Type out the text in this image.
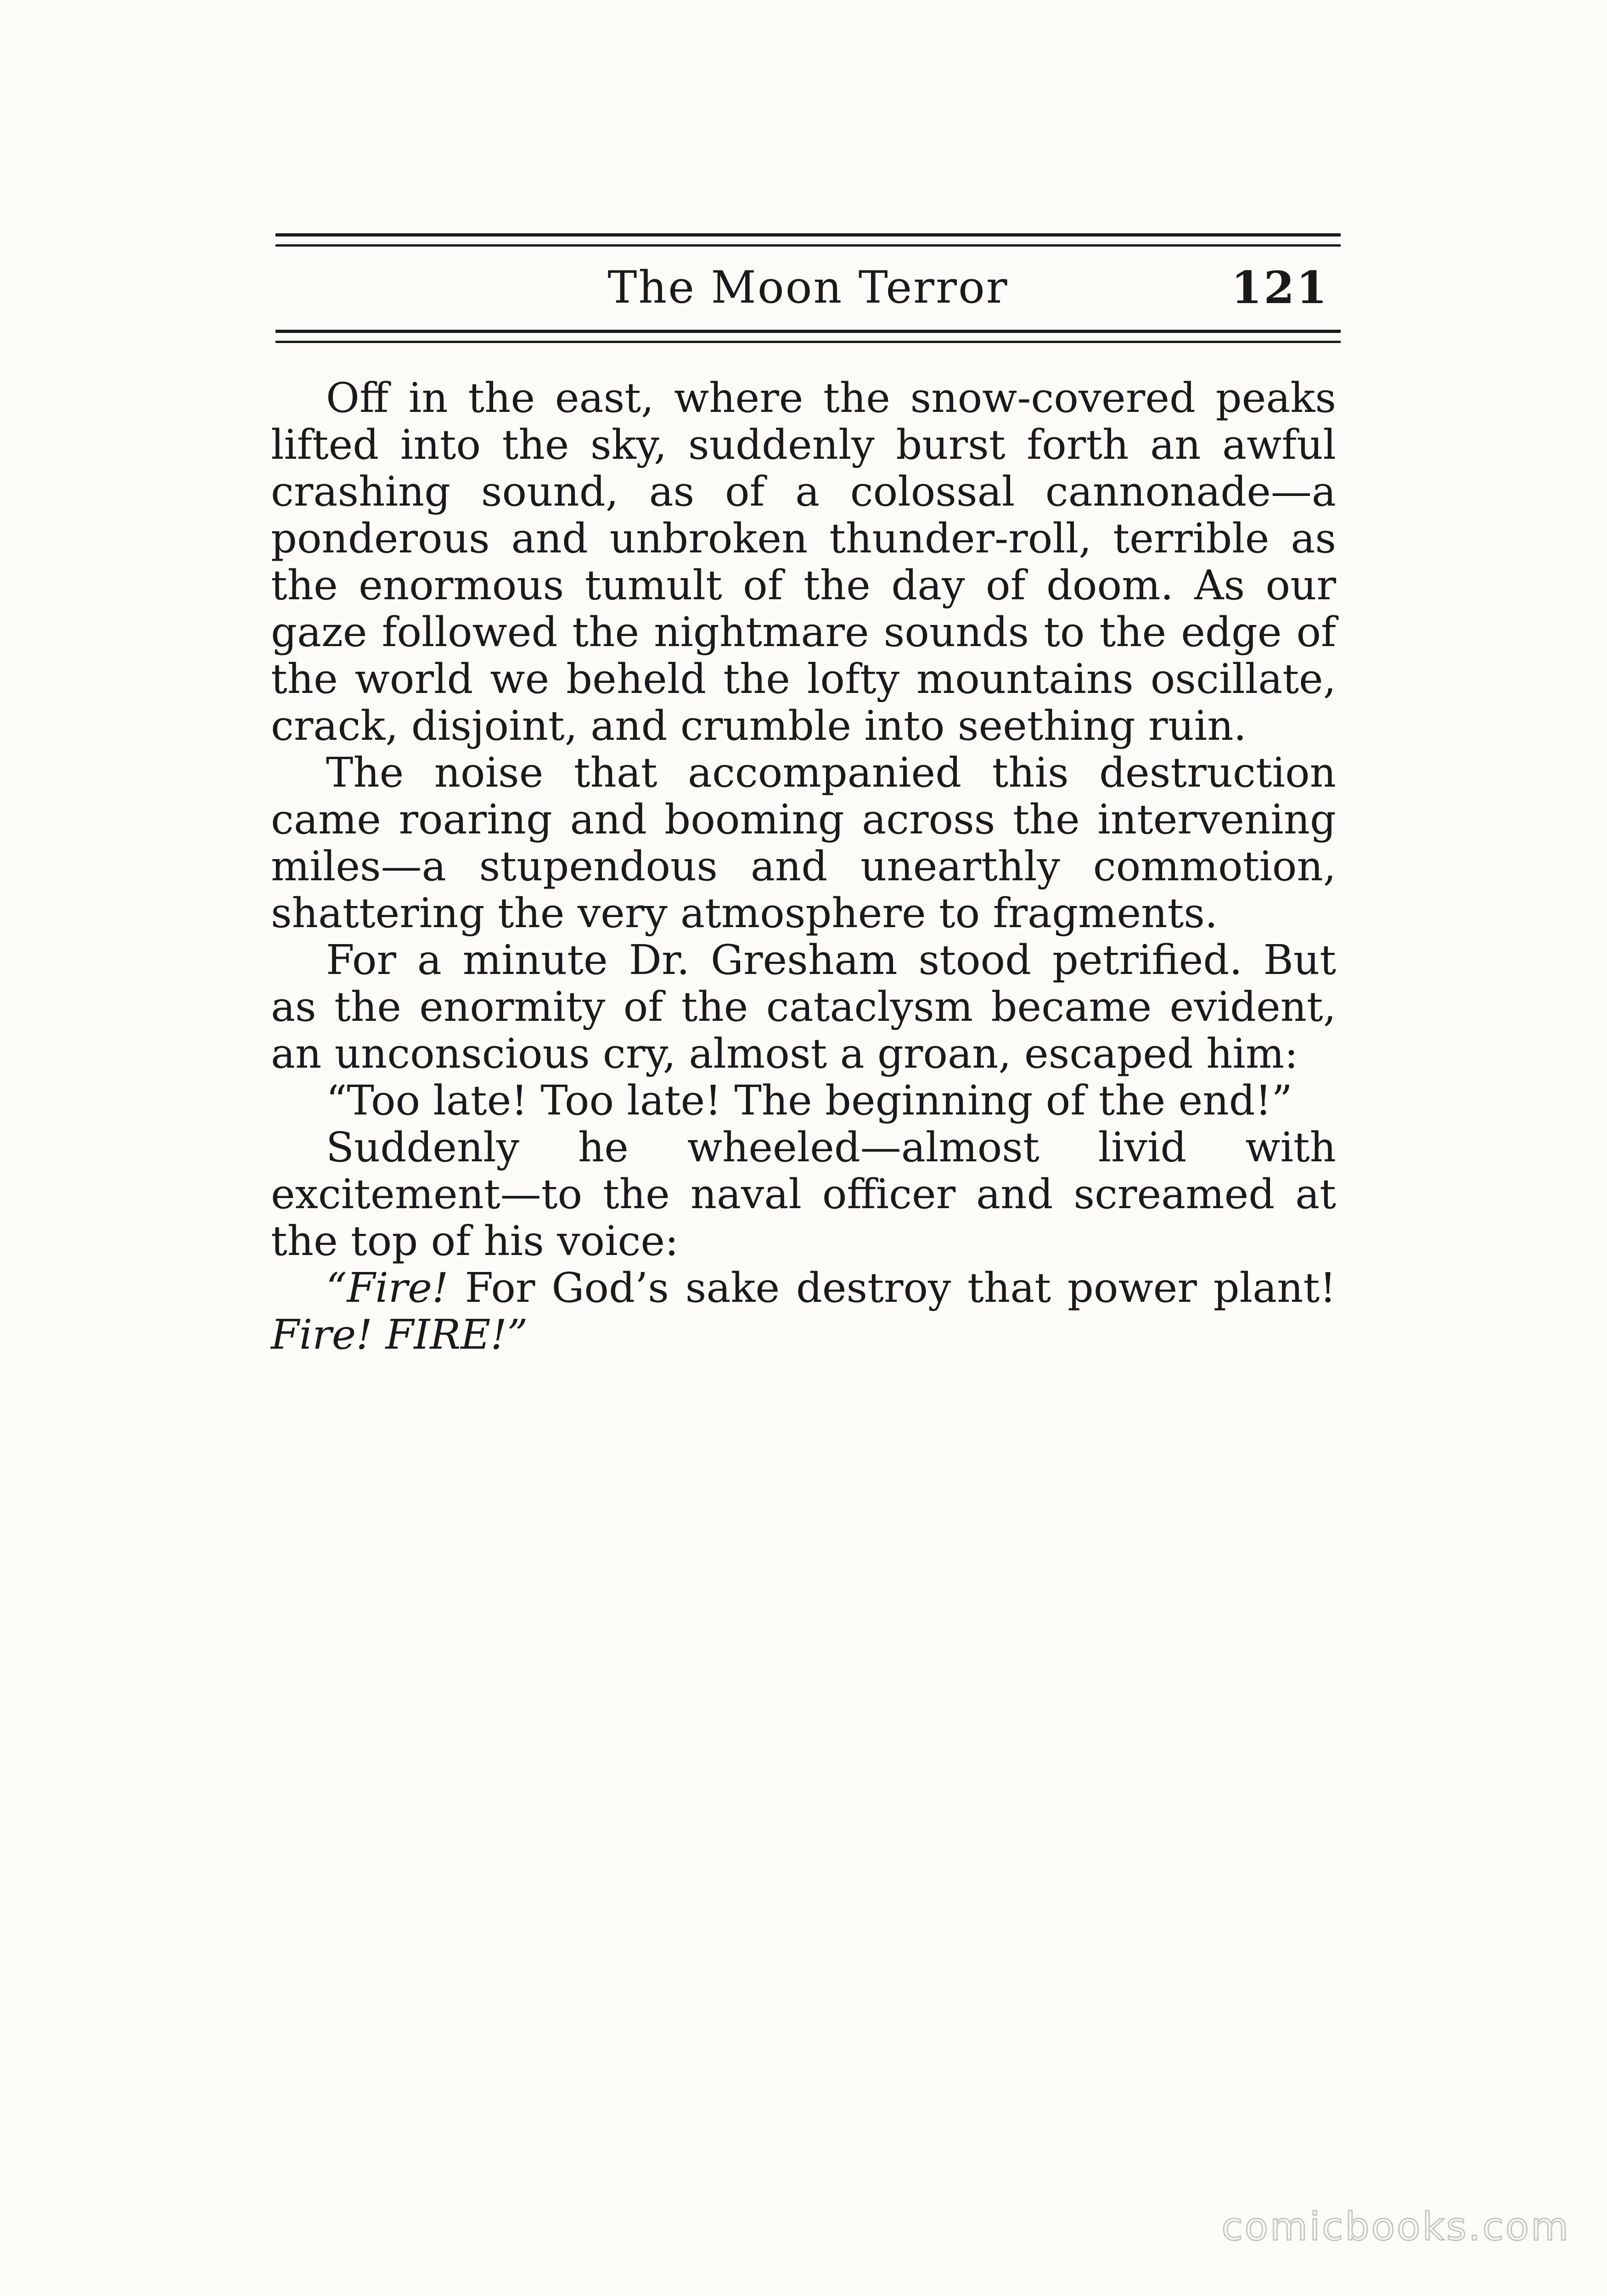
The Moon Terror	121

Off in the east, where the snow-covered peaks lifted into the sky, suddenly burst forth an awful crashing sound, as of a colossal cannonade—a ponderous and unbroken thunder-roll, terrible as the enormous tumult of the day of doom. As our gaze followed the nightmare sounds to the edge of the world we beheld the lofty mountains oscillate, crack, disjoint, and crumble into seething ruin.

The noise that accompanied this destruction came roaring and booming across the intervening miles—a stupendous and unearthly commotion, shattering the very atmosphere to fragments.

For a minute Dr. Gresham stood petrified. But as the enormity of the cataclysm became evident, an unconscious cry, almost a groan, escaped him:

“Too late! Too late! The beginning of the end!”

Suddenly he wheeled—almost livid with excitement—to the naval officer and screamed at the top of his voice:

“Fire! For God’s sake destroy that power plant! Fire! FIRE!”

comicbooks.com
